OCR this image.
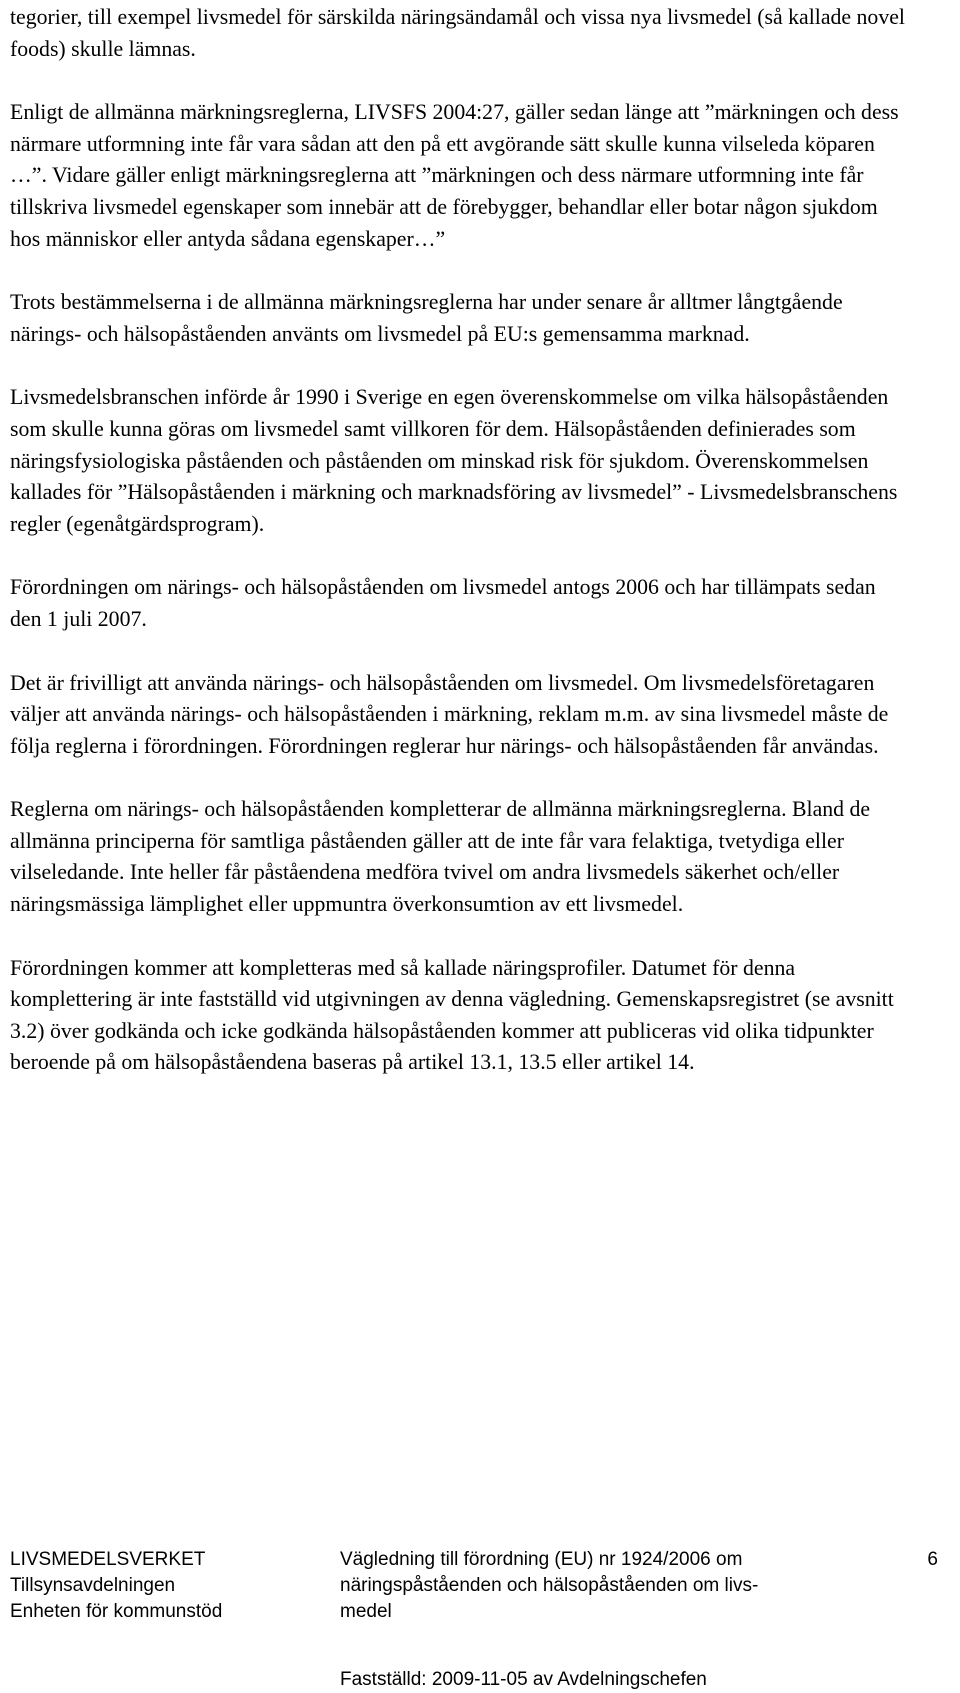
tegorier, till exempel livsmedel för särskilda näringsändamål och vissa nya livsmedel (så kallade novel foods) skulle lämnas.

Enligt de allmänna märkningsreglerna, LIVSFS 2004:27, gäller sedan länge att ”märkningen och dess närmare utformning inte får vara sådan att den på ett avgörande sätt skulle kunna vilseleda köparen …”. Vidare gäller enligt märkningsreglerna att ”märkningen och dess närmare utformning inte får tillskriva livsmedel egenskaper som innebär att de förebygger, behandlar eller botar någon sjukdom hos människor eller antyda sådana egenskaper…”

Trots bestämmelserna i de allmänna märkningsreglerna har under senare år alltmer långtgående närings- och hälsopåståenden använts om livsmedel på EU:s gemensamma marknad.

Livsmedelsbranschen införde år 1990 i Sverige en egen överenskommelse om vilka hälsopåståenden som skulle kunna göras om livsmedel samt villkoren för dem. Hälsopåståenden definierades som näringsfysiologiska påståenden och påståenden om minskad risk för sjukdom. Överenskommelsen kallades för ”Hälsopåståenden i märkning och marknadsföring av livsmedel” - Livsmedelsbranschens regler (egenåtgärdsprogram).

Förordningen om närings- och hälsopåståenden om livsmedel antogs 2006 och har tillämpats sedan den 1 juli 2007.

Det är frivilligt att använda närings- och hälsopåståenden om livsmedel. Om livsmedelsföretagaren väljer att använda närings- och hälsopåståenden i märkning, reklam m.m. av sina livsmedel måste de följa reglerna i förordningen. Förordningen reglerar hur närings- och hälsopåståenden får användas.

Reglerna om närings- och hälsopåståenden kompletterar de allmänna märkningsreglerna. Bland de allmänna principerna för samtliga påståenden gäller att de inte får vara felaktiga, tvetydiga eller vilseledande. Inte heller får påståendena medföra tvivel om andra livsmedels säkerhet och/eller näringsmässiga lämplighet eller uppmuntra överkonsumtion av ett livsmedel.

Förordningen kommer att kompletteras med så kallade näringsprofiler. Datumet för denna komplettering är inte fastställd vid utgivningen av denna vägledning. Gemenskapsregistret (se avsnitt 3.2) över godkända och icke godkända hälsopåståenden kommer att publiceras vid olika tidpunkter beroende på om hälsopåståendena baseras på artikel 13.1, 13.5 eller artikel 14.

LIVSMEDELSVERKET
Tillsynsavdelningen
Enheten för kommunstöd
Vägledning till förordning (EU) nr 1924/2006 om
näringspåståenden och hälsopåståenden om livs-
medel
6
Fastställd: 2009-11-05 av Avdelningschefen
